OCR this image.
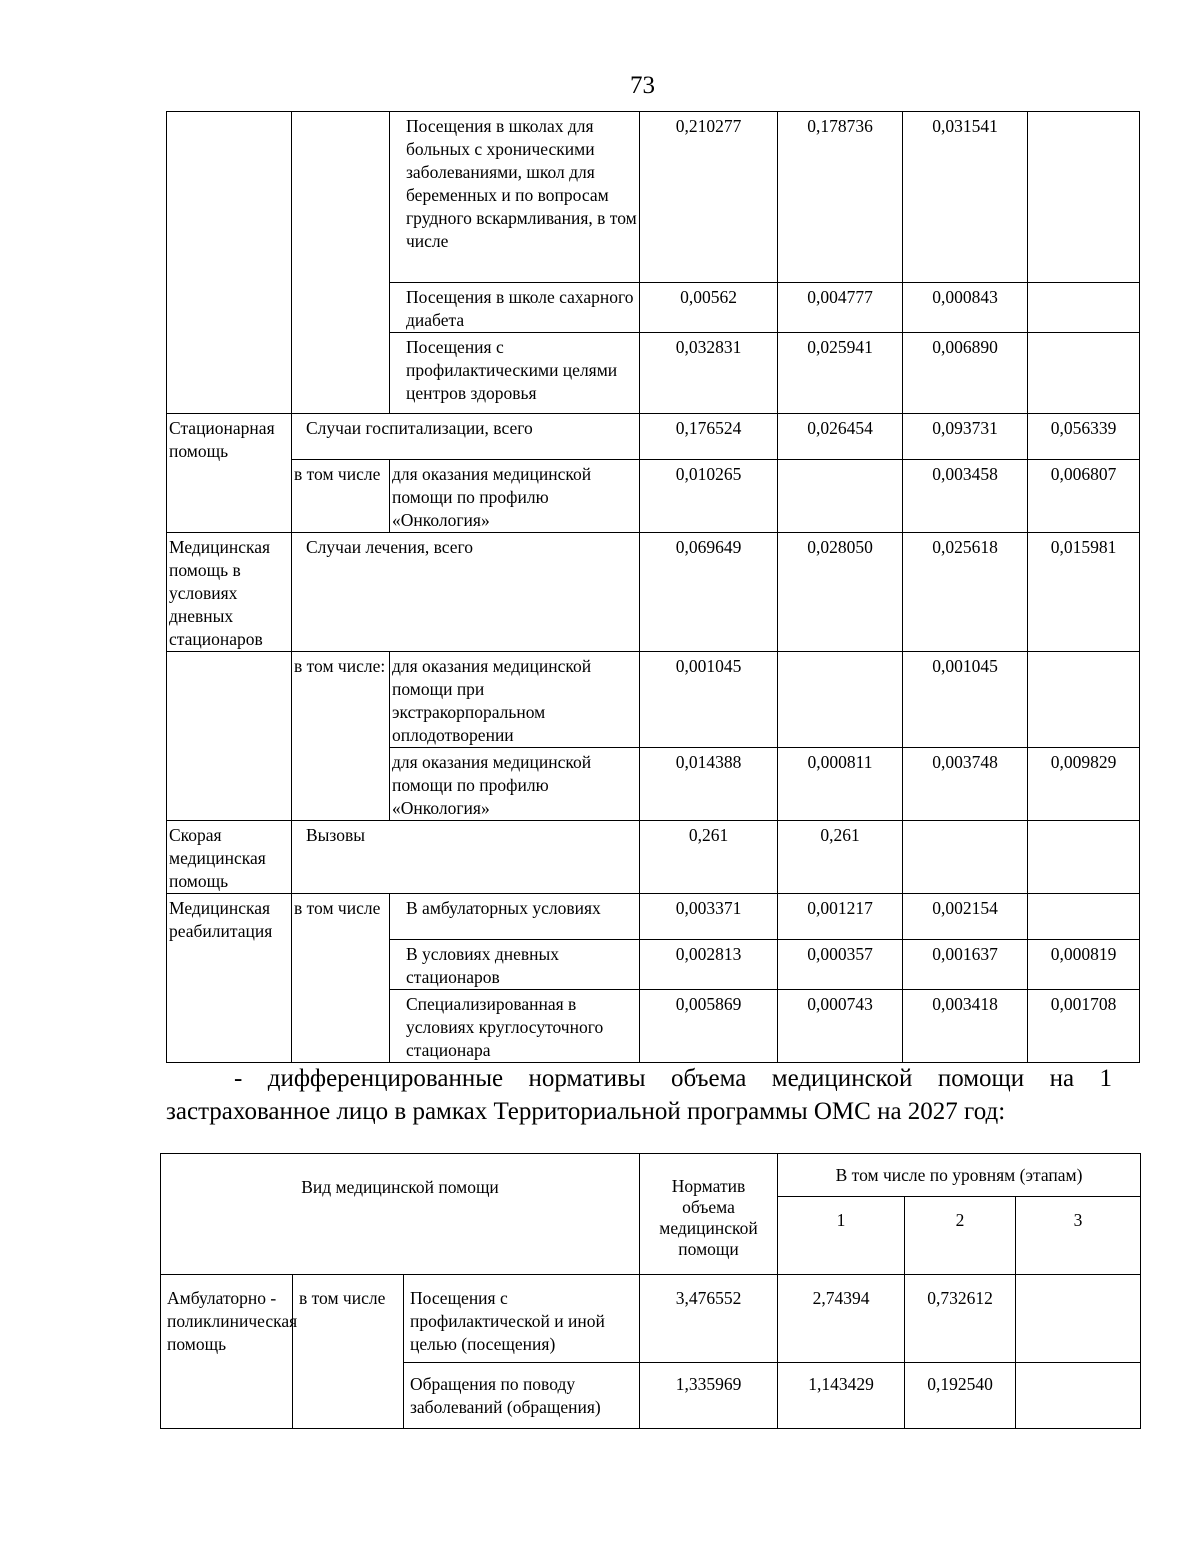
73
		Посещения в школах для больных с хроническими заболеваниями, школ для беременных и по вопросам грудного вскармливания, в том числе	0,210277	0,178736	0,031541	
		Посещения в школе сахарного диабета	0,00562	0,004777	0,000843	
		Посещения с профилактическими целями центров здоровья	0,032831	0,025941	0,006890	
Стационарная помощь	Случаи госпитализации, всего		0,176524	0,026454	0,093731	0,056339
	в том числе	для оказания медицинской помощи по профилю «Онкология»	0,010265		0,003458	0,006807
Медицинская помощь в условиях дневных стационаров	Случаи лечения, всего		0,069649	0,028050	0,025618	0,015981
	в том числе:	для оказания медицинской помощи при экстракорпоральном оплодотворении	0,001045		0,001045	
		для оказания медицинской помощи по профилю «Онкология»	0,014388	0,000811	0,003748	0,009829
Скорая медицинская помощь	Вызовы		0,261	0,261		
Медицинская реабилитация	в том числе	В амбулаторных условиях	0,003371	0,001217	0,002154	
		В условиях дневных стационаров	0,002813	0,000357	0,001637	0,000819
		Специализированная в условиях круглосуточного стационара	0,005869	0,000743	0,003418	0,001708
- дифференцированные нормативы объема медицинской помощи на 1
застрахованное лицо в рамках Территориальной программы ОМС на 2027 год:
Вид медицинской помощи			Норматив объема медицинской помощи	В том числе по уровням (этапам)		
				1	2	3
Амбулаторно - поликлиническая помощь	в том числе	Посещения с профилактической и иной целью (посещения)	3,476552	2,74394	0,732612	
		Обращения по поводу заболеваний (обращения)	1,335969	1,143429	0,192540	
